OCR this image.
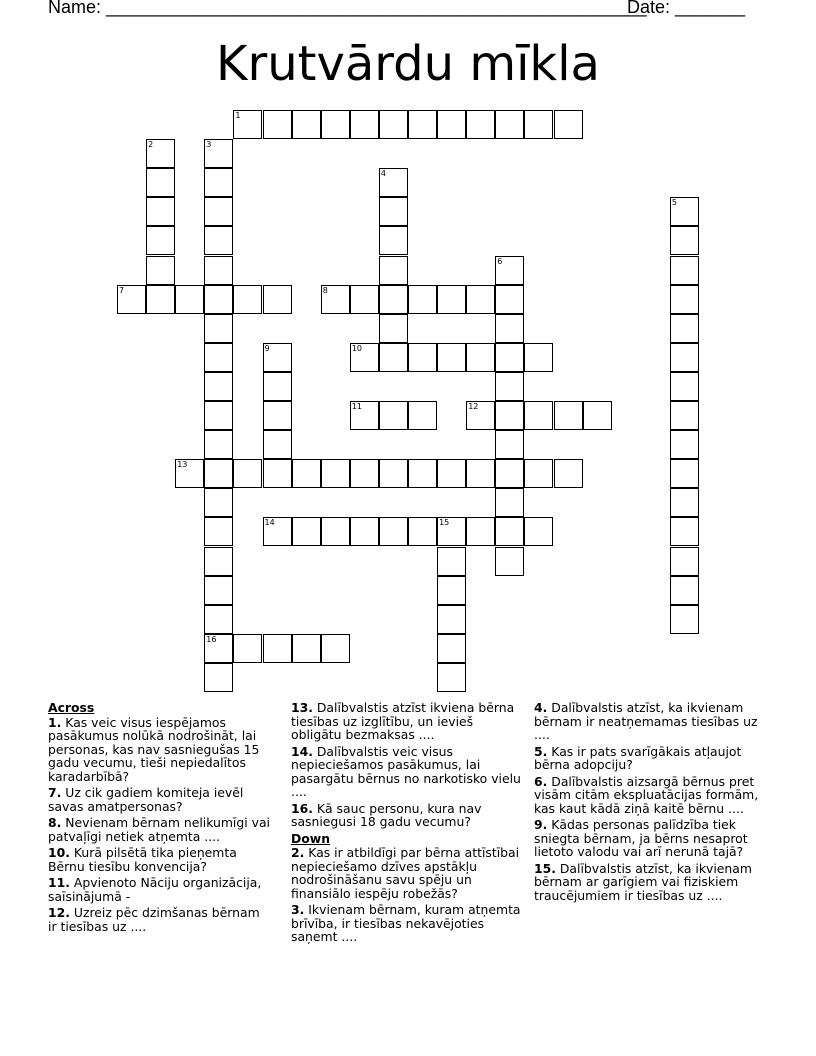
Name: ______________________________________________________
Date: _______
Krutvārdu mīkla
1
2	3
4
5
6
7	8
9	10
11	12
13
14	15
16
Across
1. Kas veic visus iespējamos pasākumus nolūkā nodrošināt, lai personas, kas nav sasniegušas 15 gadu vecumu, tieši nepiedalītos karadarbībā?
7. Uz cik gadiem komiteja ievēl savas amatpersonas?
8. Nevienam bērnam nelikumīgi vai patvaļīgi netiek atņemta ....
10. Kurā pilsētā tika pieņemta Bērnu tiesību konvencija?
11. Apvienoto Nāciju organizācija, saīsinājumā -
12. Uzreiz pēc dzimšanas bērnam ir tiesības uz ....
13. Dalībvalstis atzīst ikviena bērna tiesības uz izglītību, un ievieš obligātu bezmaksas ....
14. Dalībvalstis veic visus nepieciešamos pasākumus, lai pasargātu bērnus no narkotisko vielu ....
16. Kā sauc personu, kura nav sasniegusi 18 gadu vecumu?
Down
2. Kas ir atbildīgi par bērna attīstībai nepieciešamo dzīves apstākļu nodrošināšanu savu spēju un finansiālo iespēju robežās?
3. Ikvienam bērnam, kuram atņemta brīvība, ir tiesības nekavējoties saņemt ....
4. Dalībvalstis atzīst, ka ikvienam bērnam ir neatņemamas tiesības uz ....
5. Kas ir pats svarīgākais atļaujot bērna adopciju?
6. Dalībvalstis aizsargā bērnus pret visām citām ekspluatācijas formām, kas kaut kādā ziņā kaitē bērnu ....
9. Kādas personas palīdzība tiek sniegta bērnam, ja bērns nesaprot lietoto valodu vai arī nerunā tajā?
15. Dalībvalstis atzīst, ka ikvienam bērnam ar garīgiem vai fiziskiem traucējumiem ir tiesības uz ....
